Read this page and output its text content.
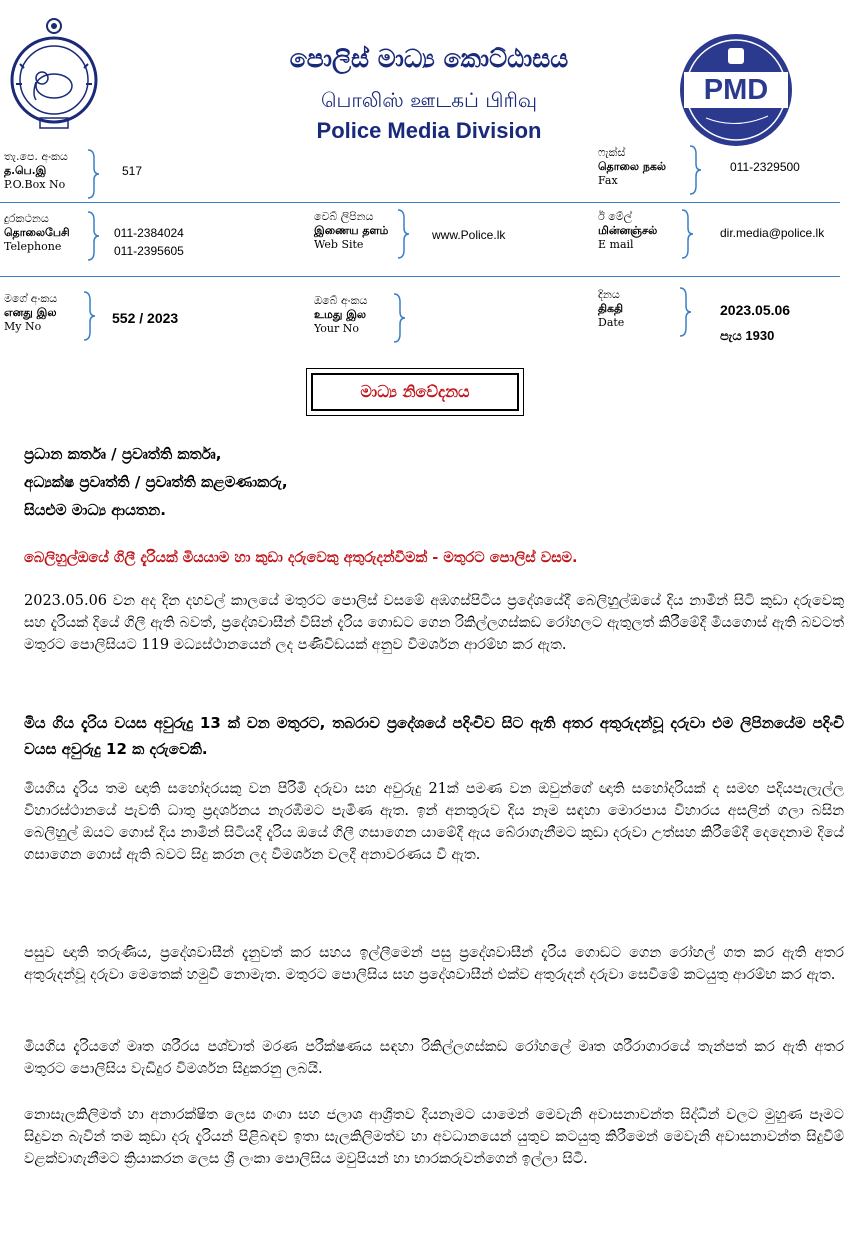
පොලිස් මාධ්‍ය කොට්ඨාසය
பொலிஸ் ஊடகப் பிரிவு
Police Media Division
PMD
තැ.පෙ. අංකය
த.பெ.இ
P.O.Box No
517
ෆැක්ස්
தொலை நகல்
Fax
011-2329500
දුරකථනය
தொலைபேசி
Telephone
011-2384024
011-2395605
වෙබ් ලිපිනය
இணைய தளம்
Web Site
www.Police.lk
ඊ මේල්
மின்னஞ்சல்
E mail
dir.media@police.lk
මගේ අංකය
எனது இல
My No
552 / 2023
ඔබේ අංකය
உமது இல
Your No
දිනය
திகதி
Date
2023.05.06
පැය 1930
මාධ්‍ය නිවේදනය
ප්‍රධාන කර්තෘ / ප්‍රවෘත්ති කර්තෘ,
අධ්‍යක්ෂ ප්‍රවෘත්ති / ප්‍රවෘත්ති කළමණාකරු,
සියළුම මාධ්‍ය ආයතන.
බෙලිහුල්ඔයේ ගිලී දැරියක් මියයාම හා කුඩා දරුවෙකු අතුරුදන්වීමක් - මතුරට පොලිස් වසම.
2023.05.06 වන අද දින දහවල් කාලයේ මතුරට පොලිස් වසමේ අඹගස්පිටිය ප්‍රදේශයේදී බෙලිහුල්ඔයේ දිය නාමින් සිටි කුඩා දරුවෙකු සහ දැරියක් දියේ ගිලී ඇති බවත්, ප්‍රදේශවාසීන් විසින් දැරිය ගොඩට ගෙන රිකිල්ලගස්කඩ රෝහලට ඇතුලත් කිරීමේදී මියගොස් ඇති බවටත් මතුරට පොලිසියට 119 මධ්‍යස්ථානයෙන් ලද පණිවිඩයක් අනුව විමර්ශන ආරම්භ කර ඇත.
මිය ගිය දැරිය වයස අවුරුදු 13 ක් වන මතුරට, තබරාව ප්‍රදේශයේ පදිංචිව සිට ඇති අතර අතුරුදන්වූ දරුවා එම ලිපිනයේම පදිංචි වයස අවුරුදු 12 ක දරුවෙකි.
මියගිය දැරිය තම ඥාති සහෝදරයකු වන පිරිමි දරුවා සහ අවුරුදු 21ක් පමණ වන ඔවුන්ගේ ඥාති සහෝදරියක් ද සමඟ පදියපැලැල්ල විහාරස්ථානයේ පැවති ධාතු ප්‍රදර්ශනය නැරඹීමට පැමිණ ඇත. ඉන් අනතුරුව දිය නෑම සඳහා මොරපාය විහාරය අසලින් ගලා බසින බෙලිහුල් ඔයට ගොස් දිය නාමින් සිටියදී දැරිය ඔයේ ගිලී ගසාගෙන යාමේදී ඇය බේරාගැනීමට කුඩා දරුවා උත්සහ කිරීමේදී දෙදෙනාම දියේ ගසාගෙන ගොස් ඇති බවට සිදු කරන ලද විමර්ශන වලදී අනාවරණය වී ඇත.
පසුව ඥාති තරුණිය, ප්‍රදේශවාසීන් දැනුවත් කර සහය ඉල්ලීමෙන් පසු ප්‍රදේශවාසීන් දැරිය ගොඩට ගෙන රෝහල් ගත කර ඇති අතර අතුරුදන්වූ දරුවා මෙතෙක් හමුවී නොමැත. මතුරට පොලිසිය සහ ප්‍රදේශවාසීන් එක්ව අතුරුදන් දරුවා සෙවීමේ කටයුතු ආරම්භ කර ඇත.
මියගිය දැරියගේ මෘත ශරීරය පශ්චාත් මරණ පරීක්ෂණය සඳහා රිකිල්ලගස්කඩ රෝහලේ මෘත ශරීරාගාරයේ තැන්පත් කර ඇති අතර මතුරට පොලිසිය වැඩිදුර විමර්ශන සිදුකරනු ලබයි.
නොසැලකිලිමත් හා අනාරක්ෂිත ලෙස ගංගා සහ ජලාශ ආශ්‍රිතව දියනෑමට යාමෙන් මෙවැනි අවාසනාවන්ත සිද්ධීන් වලට මුහුණ පෑමට සිදුවන බැවින් තම කුඩා දරු දැරියන් පිළිබඳව ඉතා සැලකිලිමත්ව හා අවධානයෙන් යුතුව කටයුතු කිරීමෙන් මෙවැනි අවාසනාවන්ත සිදුවීම් වළක්වාගැනීමට ක්‍රියාකරන ලෙස ශ්‍රී ලංකා පොලිසිය මවුපියන් හා භාරකරුවන්ගෙන් ඉල්ලා සිටී.
